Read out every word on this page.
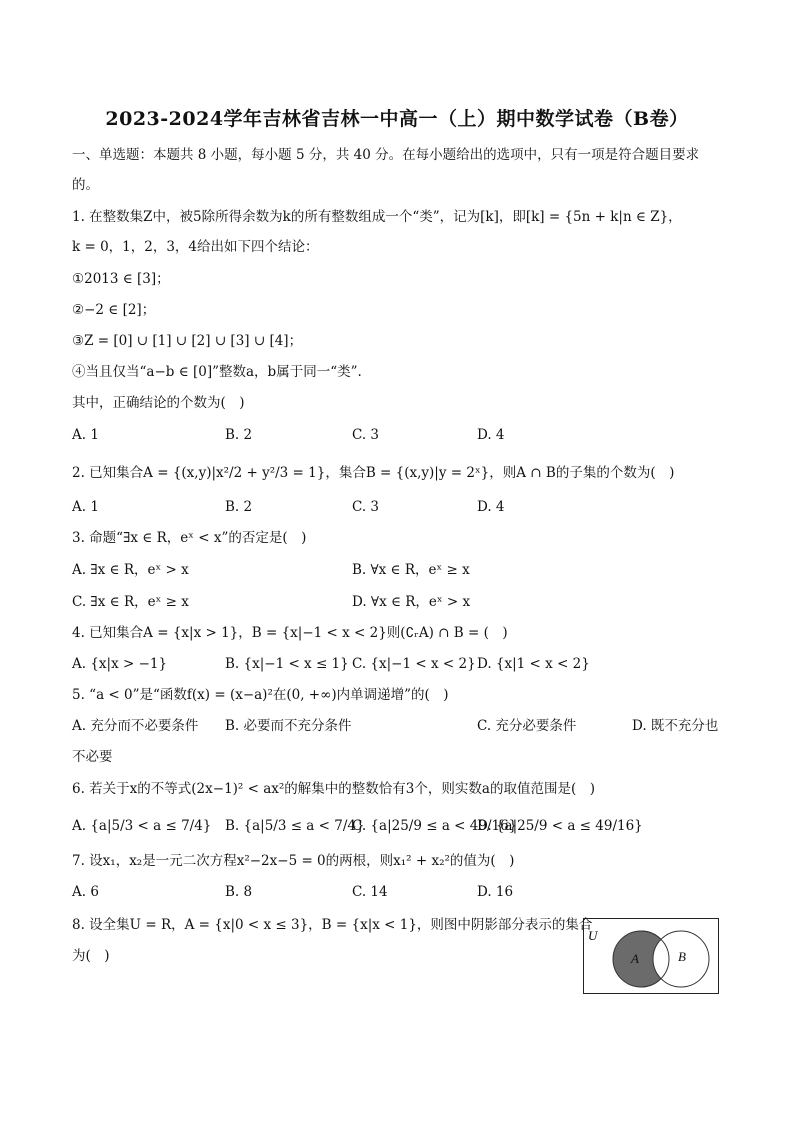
2023-2024学年吉林省吉林一中高一（上）期中数学试卷（B卷）
一、单选题：本题共 8 小题，每小题 5 分，共 40 分。在每小题给出的选项中，只有一项是符合题目要求
的。
1. 在整数集Z中，被5除所得余数为k的所有整数组成一个“类”，记为[k]，即[k] = {5n + k|n ∈ Z}，
k = 0，1，2，3，4给出如下四个结论：
①2013 ∈ [3]；
②−2 ∈ [2]；
③Z = [0] ∪ [1] ∪ [2] ∪ [3] ∪ [4]；
④当且仅当“a−b ∈ [0]”整数a，b属于同一“类”.
其中，正确结论的个数为(　)
A. 1	B. 2	C. 3	D. 4
2. 已知集合A = {(x,y)|x²/2 + y²/3 = 1}，集合B = {(x,y)|y = 2ˣ}，则A ∩ B的子集的个数为(　)
A. 1	B. 2	C. 3	D. 4
3. 命题“∃x ∈ R，eˣ < x”的否定是(　)
A. ∃x ∈ R，eˣ > x	B. ∀x ∈ R，eˣ ≥ x
C. ∃x ∈ R，eˣ ≥ x	D. ∀x ∈ R，eˣ > x
4. 已知集合A = {x|x > 1}，B = {x|−1 < x < 2}则(∁ᵣA) ∩ B = (　)
A. {x|x > −1}	B. {x|−1 < x ≤ 1} C. {x|−1 < x < 2} D. {x|1 < x < 2}
5. “a < 0”是“函数f(x) = (x−a)²在(0, +∞)内单调递增”的(　)
A. 充分而不必要条件 B. 必要而不充分条件	C. 充分必要条件	D. 既不充分也
不必要
6. 若关于x的不等式(2x−1)² < ax²的解集中的整数恰有3个，则实数a的取值范围是(　)
A. {a|5/3 < a ≤ 7/4} B. {a|5/3 ≤ a < 7/4}
C. {a|25/9 ≤ a < 49/16}
D. {a|25/9 < a ≤ 49/16}
7. 设x₁，x₂是一元二次方程x²−2x−5 = 0的两根，则x₁² + x₂²的值为(　)
A. 6	B. 8	C. 14	D. 16
8. 设全集U = R，A = {x|0 < x ≤ 3}，B = {x|x < 1}，则图中阴影部分表示的集合
为(　)
U
A	B
